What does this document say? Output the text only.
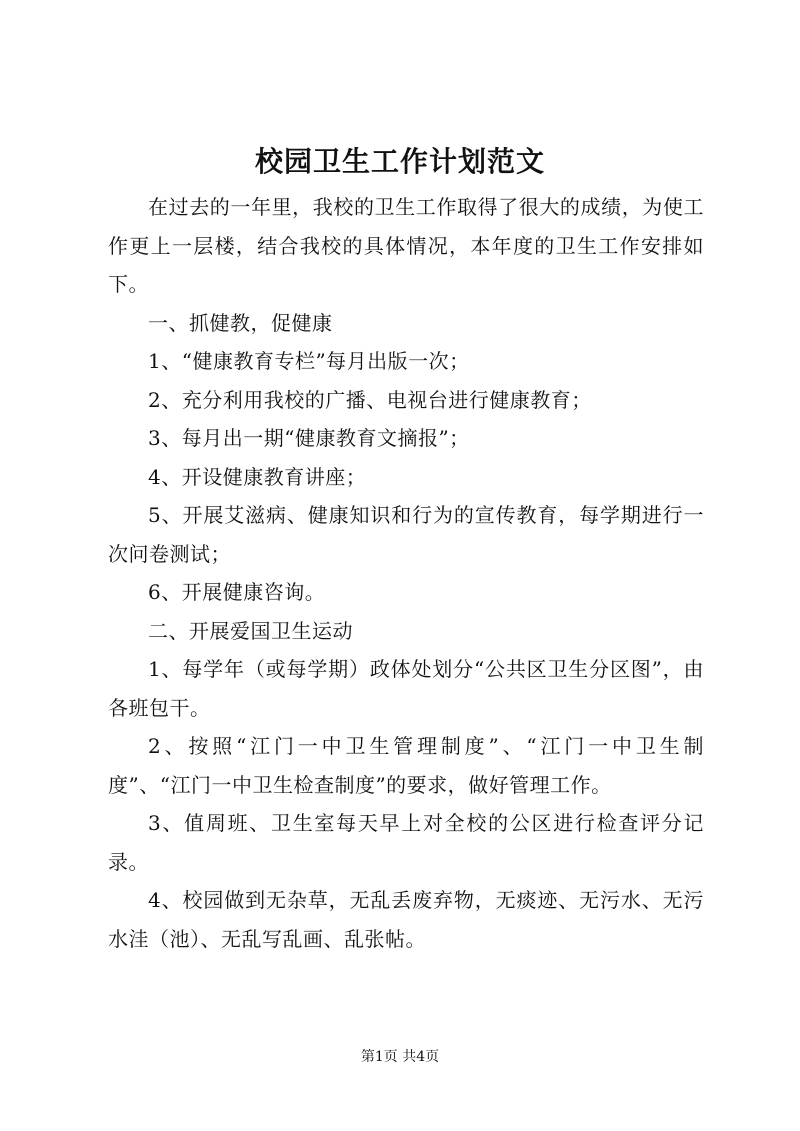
校园卫生工作计划范文

在过去的一年里，我校的卫生工作取得了很大的成绩，为使工作更上一层楼，结合我校的具体情况，本年度的卫生工作安排如下。

一、抓健教，促健康

1、“健康教育专栏”每月出版一次；

2、充分利用我校的广播、电视台进行健康教育；

3、每月出一期“健康教育文摘报”；

4、开设健康教育讲座；

5、开展艾滋病、健康知识和行为的宣传教育，每学期进行一次问卷测试；

6、开展健康咨询。

二、开展爱国卫生运动

1、每学年（或每学期）政体处划分“公共区卫生分区图”，由各班包干。

2、按照“江门一中卫生管理制度”、“江门一中卫生制度”、“江门一中卫生检查制度”的要求，做好管理工作。

3、值周班、卫生室每天早上对全校的公区进行检查评分记录。

4、校园做到无杂草，无乱丢废弃物，无痰迹、无污水、无污水洼（池）、无乱写乱画、乱张帖。

第1页 共4页
